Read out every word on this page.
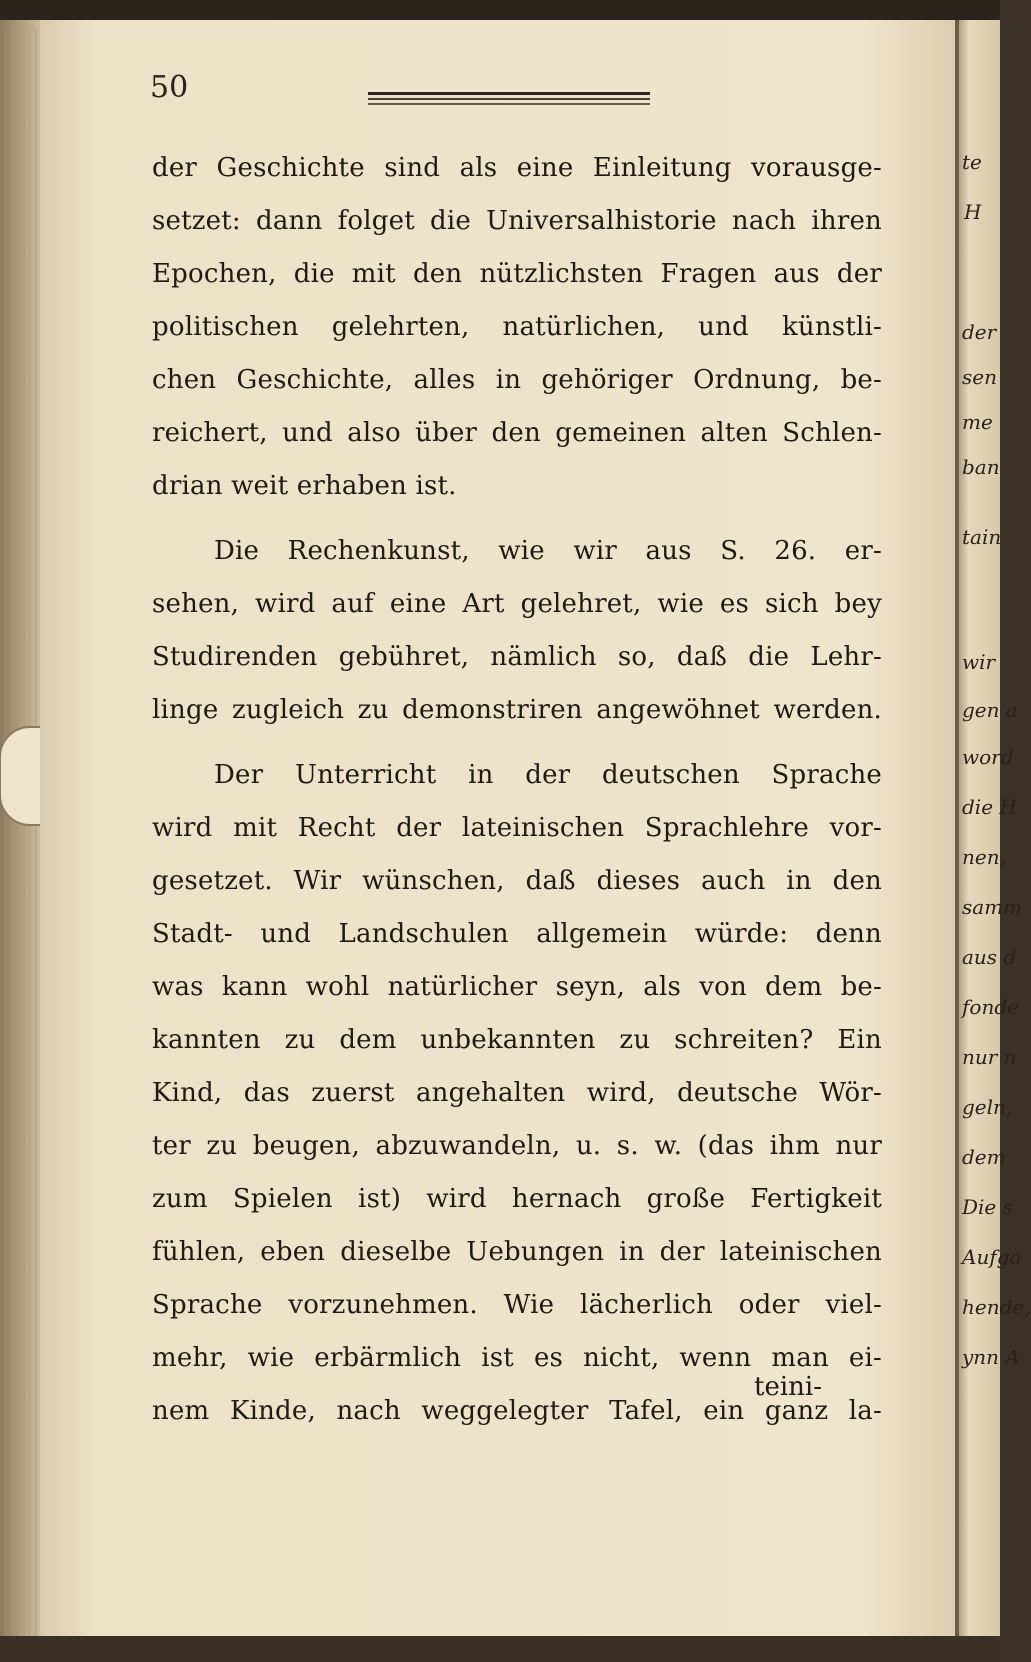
50
der Geschichte sind als eine Einleitung vorausge-
setzet: dann folget die Universalhistorie nach ihren
Epochen, die mit den nützlichsten Fragen aus der
politischen gelehrten, natürlichen, und künstli-
chen Geschichte, alles in gehöriger Ordnung, be-
reichert, und also über den gemeinen alten Schlen-
drian weit erhaben ist.
Die Rechenkunst, wie wir aus S. 26. er-
sehen, wird auf eine Art gelehret, wie es sich bey
Studirenden gebühret, nämlich so, daß die Lehr-
linge zugleich zu demonstriren angewöhnet werden.
Der Unterricht in der deutschen Sprache
wird mit Recht der lateinischen Sprachlehre vor-
gesetzet. Wir wünschen, daß dieses auch in den
Stadt- und Landschulen allgemein würde: denn
was kann wohl natürlicher seyn, als von dem be-
kannten zu dem unbekannten zu schreiten? Ein
Kind, das zuerst angehalten wird, deutsche Wör-
ter zu beugen, abzuwandeln, u. s. w. (das ihm nur
zum Spielen ist) wird hernach große Fertigkeit
fühlen, eben dieselbe Uebungen in der lateinischen
Sprache vorzunehmen. Wie lächerlich oder viel-
mehr, wie erbärmlich ist es nicht, wenn man ei-
nem Kinde, nach weggelegter Tafel, ein ganz la-
teini-
te
H
der
sen
me
ban
tain
wir
gen a
word
die H
nen,
samm
aus d
fonde
nur n
geln,
dem
Die s
Aufga
hende,
ynn A
